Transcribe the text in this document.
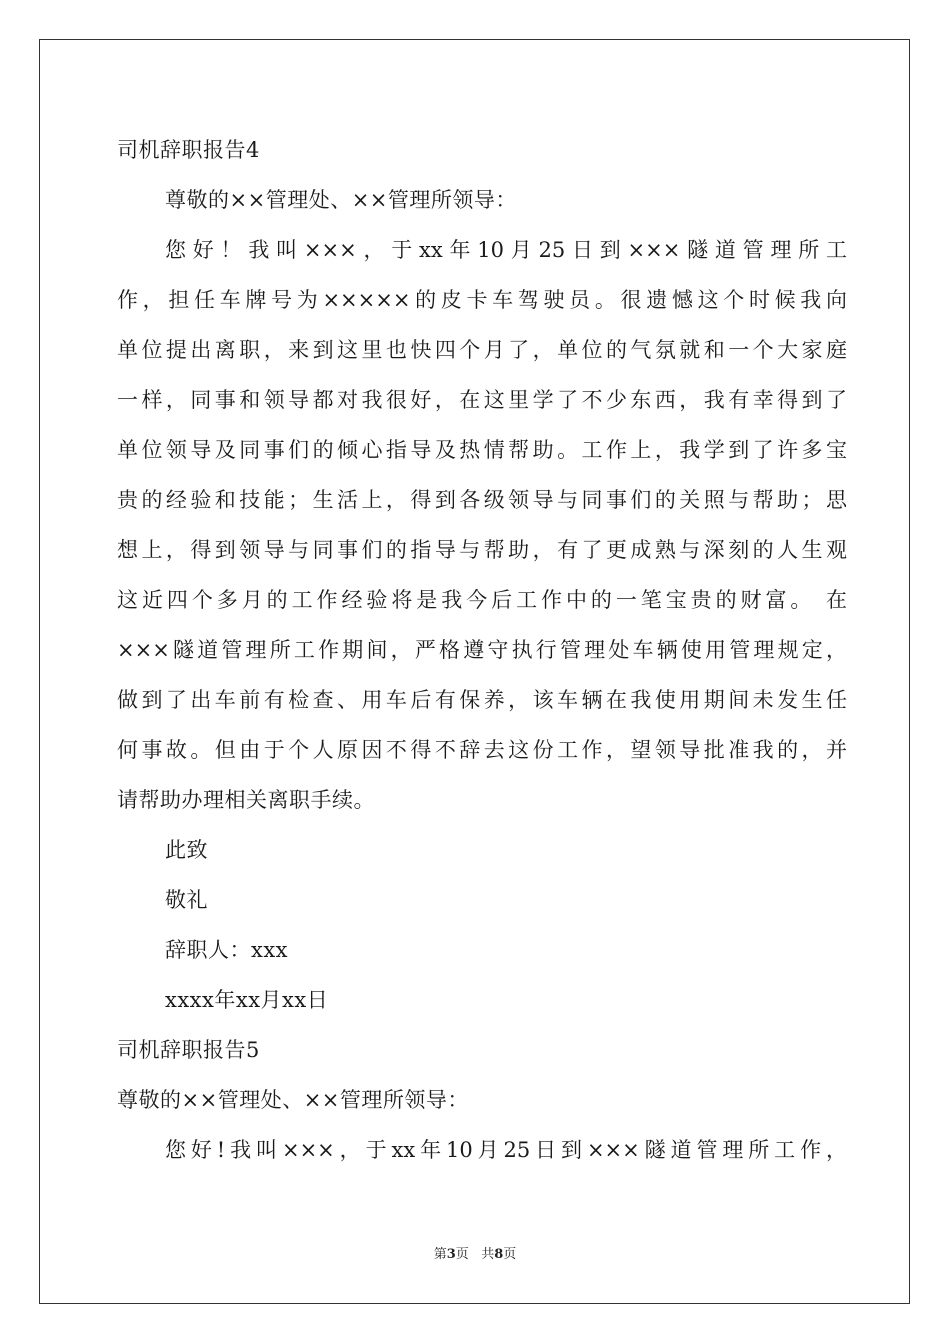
司机辞职报告4
尊敬的××管理处、××管理所领导：
您好！我叫×××，于xx年10月25日到×××隧道管理所工
作，担任车牌号为×××××的皮卡车驾驶员。很遗憾这个时候我向
单位提出离职，来到这里也快四个月了，单位的气氛就和一个大家庭
一样，同事和领导都对我很好，在这里学了不少东西，我有幸得到了
单位领导及同事们的倾心指导及热情帮助。工作上，我学到了许多宝
贵的经验和技能；生活上，得到各级领导与同事们的关照与帮助；思
想上，得到领导与同事们的指导与帮助，有了更成熟与深刻的人生观
这近四个多月的工作经验将是我今后工作中的一笔宝贵的财富。 在
×××隧道管理所工作期间，严格遵守执行管理处车辆使用管理规定，
做到了出车前有检查、用车后有保养，该车辆在我使用期间未发生任
何事故。但由于个人原因不得不辞去这份工作，望领导批准我的，并
请帮助办理相关离职手续。
此致
敬礼
辞职人：xxx
xxxx年xx月xx日
司机辞职报告5
尊敬的××管理处、××管理所领导：
您好!我叫×××，于xx年10月25日到×××隧道管理所工作，
第3页 共8页
